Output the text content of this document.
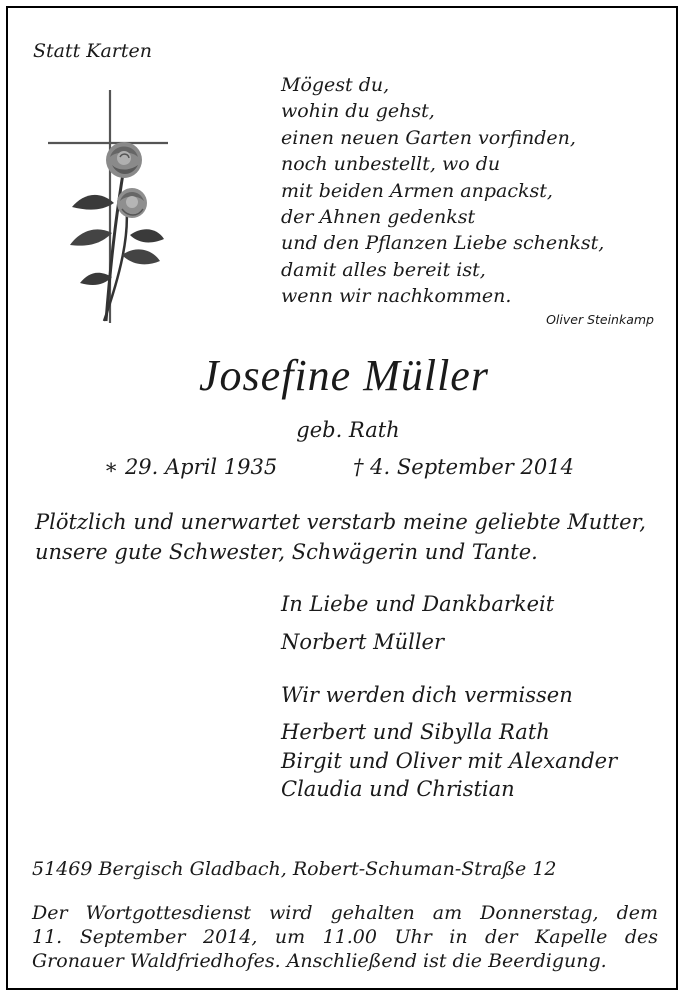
Statt Karten

Mögest du,
wohin du gehst,
einen neuen Garten vorfinden,
noch unbestellt, wo du
mit beiden Armen anpackst,
der Ahnen gedenkst
und den Pflanzen Liebe schenkst,
damit alles bereit ist,
wenn wir nachkommen.

Oliver Steinkamp

Josefine Müller

geb. Rath

∗ 29. April 1935	† 4. September 2014

Plötzlich und unerwartet verstarb meine geliebte Mutter,
unsere gute Schwester, Schwägerin und Tante.

In Liebe und Dankbarkeit

Norbert Müller

Wir werden dich vermissen

Herbert und Sibylla Rath
Birgit und Oliver mit Alexander
Claudia und Christian

51469 Bergisch Gladbach, Robert-Schuman-Straße 12

Der Wortgottesdienst wird gehalten am Donnerstag, dem
11. September 2014, um 11.00 Uhr in der Kapelle des
Gronauer Waldfriedhofes. Anschließend ist die Beerdigung.
